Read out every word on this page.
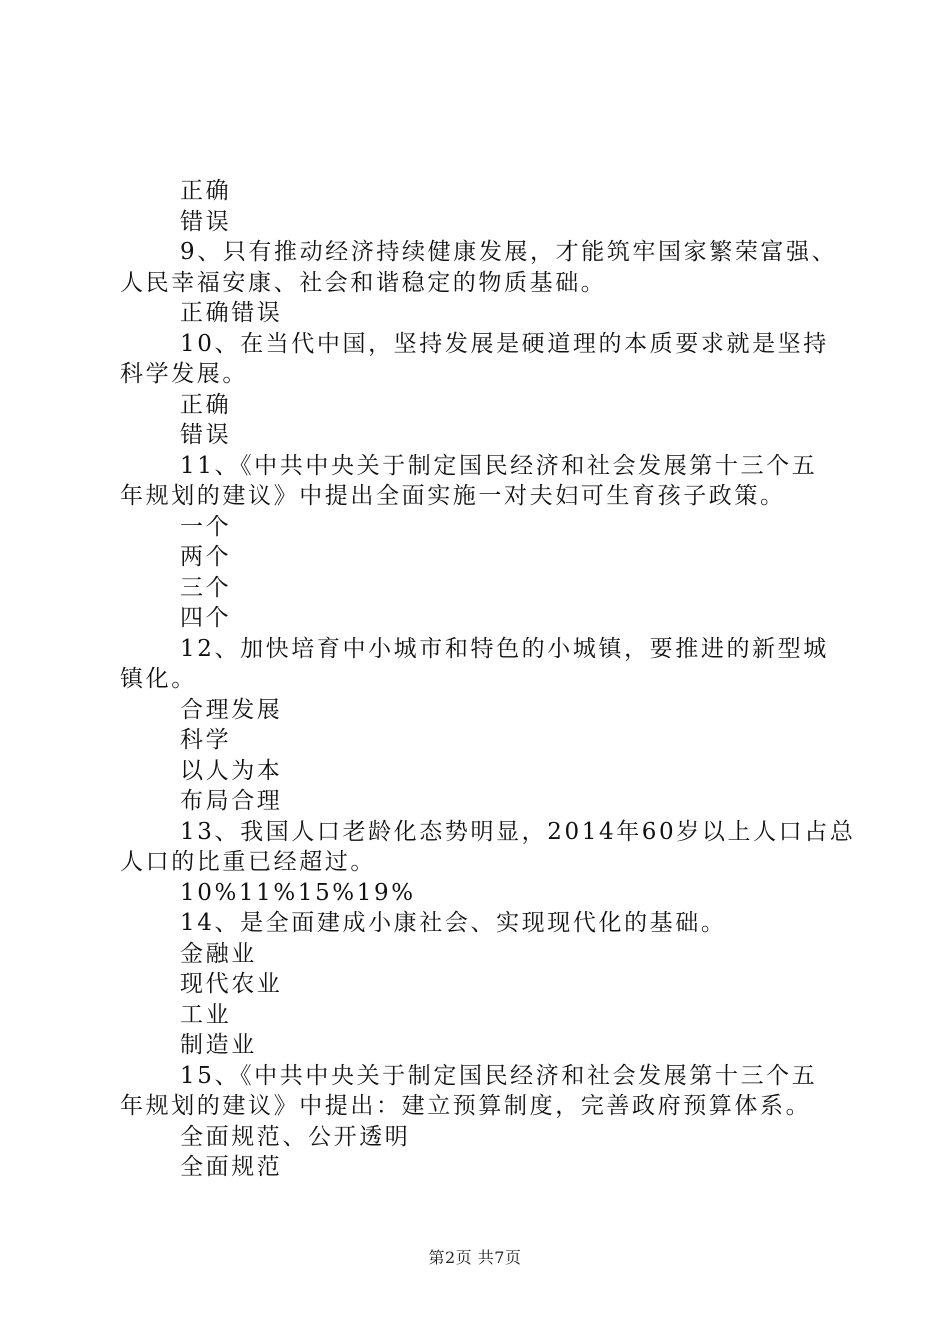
正确
错误
9、只有推动经济持续健康发展，才能筑牢国家繁荣富强、
人民幸福安康、社会和谐稳定的物质基础。
正确错误
10、在当代中国，坚持发展是硬道理的本质要求就是坚持
科学发展。
正确
错误
11、《中共中央关于制定国民经济和社会发展第十三个五
年规划的建议》中提出全面实施一对夫妇可生育孩子政策。
一个
两个
三个
四个
12、加快培育中小城市和特色的小城镇，要推进的新型城
镇化。
合理发展
科学
以人为本
布局合理
13、我国人口老龄化态势明显，2014年60岁以上人口占总
人口的比重已经超过。
10%11%15%19%
14、是全面建成小康社会、实现现代化的基础。
金融业
现代农业
工业
制造业
15、《中共中央关于制定国民经济和社会发展第十三个五
年规划的建议》中提出：建立预算制度，完善政府预算体系。
全面规范、公开透明
全面规范
第2页 共7页
